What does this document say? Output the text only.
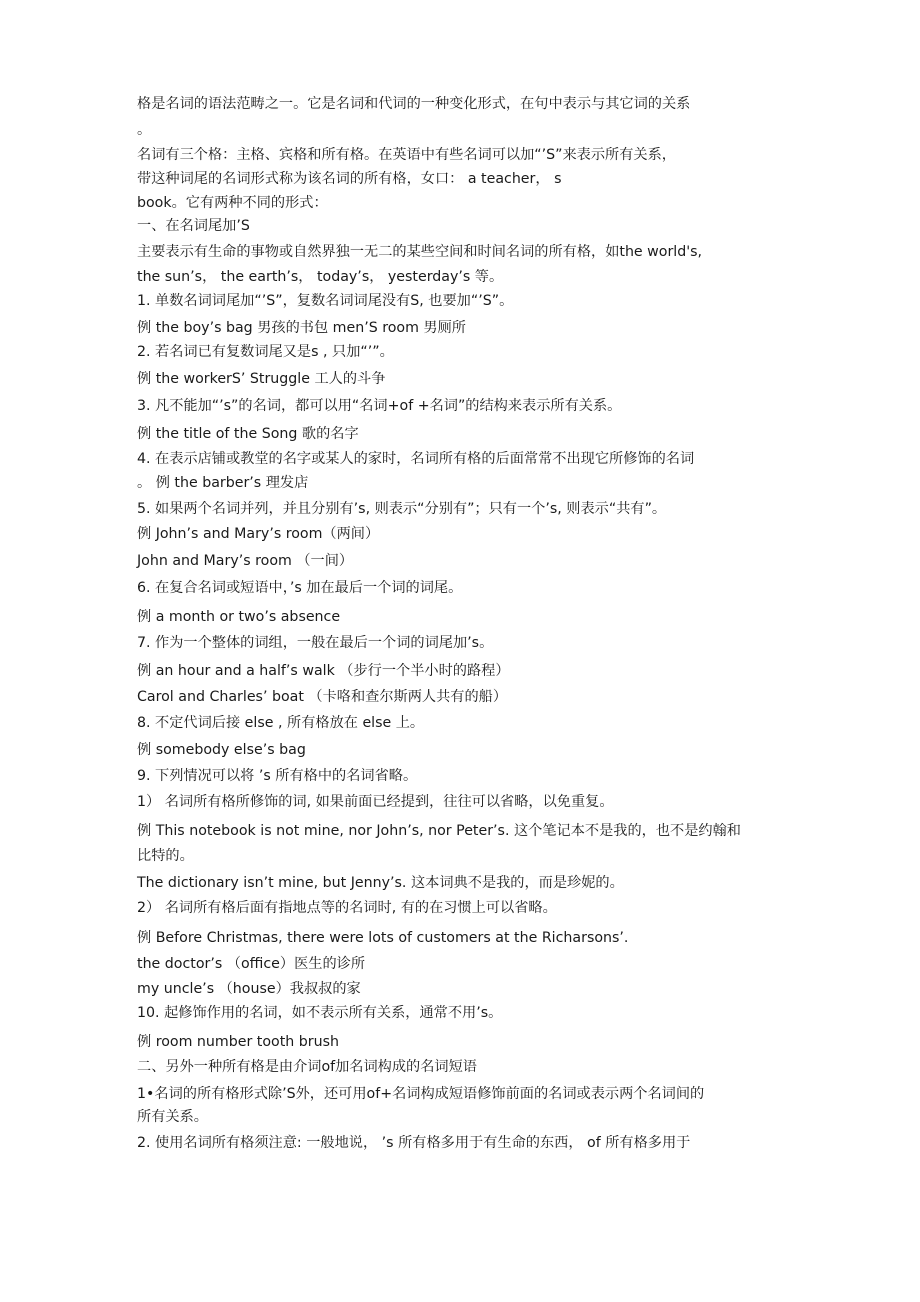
格是名词的语法范畴之一。它是名词和代词的一种变化形式，在句中表示与其它词的关系
。
名词有三个格：主格、宾格和所有格。在英语中有些名词可以加“’S”来表示所有关系，
带这种词尾的名词形式称为该名词的所有格，女口： a teacher， s
book。它有两种不同的形式：
一、在名词尾加’S
主要表示有生命的事物或自然界独一无二的某些空间和时间名词的所有格，如the world's,
the sun’s， the earth’s， today’s， yesterday’s 等。
1. 单数名词词尾加“’S”，复数名词词尾没有S, 也要加“’S”。
例 the boy’s bag 男孩的书包 men’S room 男厕所
2. 若名词已有复数词尾又是s , 只加“’”。
例 the workerS’ Struggle 工人的斗争
3. 凡不能加“’s”的名词，都可以用“名词+of +名词”的结构来表示所有关系。
例 the title of the Song 歌的名字
4. 在表示店铺或教堂的名字或某人的家时，名词所有格的后面常常不出现它所修饰的名词
。 例 the barber’s 理发店
5. 如果两个名词并列，并且分别有’s, 则表示“分别有”；只有一个’s, 则表示“共有”。
例 John’s and Mary’s room（两间）
John and Mary’s room （一间）
6. 在复合名词或短语中，’s 加在最后一个词的词尾。
例 a month or two’s absence
7. 作为一个整体的词组，一般在最后一个词的词尾加’s。
例 an hour and a half’s walk （步行一个半小时的路程）
Carol and Charles’ boat （卡咯和查尔斯两人共有的船）
8. 不定代词后接 else , 所有格放在 else 上。
例 somebody else’s bag
9. 下列情况可以将 ’s 所有格中的名词省略。
1） 名词所有格所修饰的词, 如果前面已经提到，往往可以省略，以免重复。
例 This notebook is not mine, nor John’s, nor Peter’s. 这个笔记本不是我的，也不是约翰和
比特的。
The dictionary isn’t mine, but Jenny’s. 这本词典不是我的，而是珍妮的。
2） 名词所有格后面有指地点等的名词时, 有的在习惯上可以省略。
例 Before Christmas, there were lots of customers at the Richarsons’.
the doctor’s （office）医生的诊所
my uncle’s （house）我叔叔的家
10. 起修饰作用的名词，如不表示所有关系，通常不用’s。
例 room number tooth brush
二、另外一种所有格是由介词of加名词构成的名词短语
1•名词的所有格形式除’S外，还可用of+名词构成短语修饰前面的名词或表示两个名词间的
所有关系。
2. 使用名词所有格须注意: 一般地说， ’s 所有格多用于有生命的东西， of 所有格多用于
